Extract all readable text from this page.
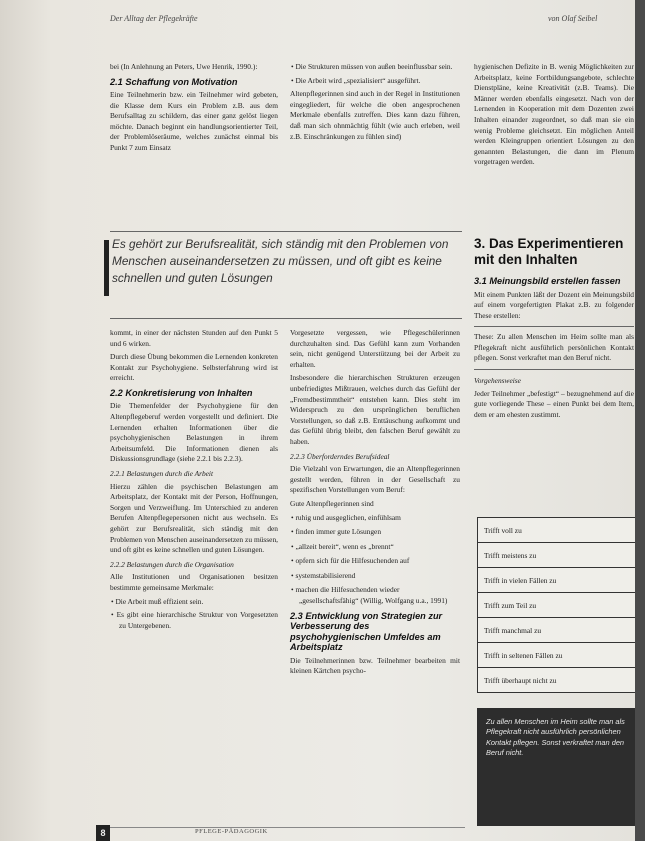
Der Alltag der Pflegekräfte	von Olaf Seibel

bei (In Anlehnung an Peters, Uwe Henrik, 1990.):

2.1 Schaffung von Motivation

Eine Teilnehmerin bzw. ein Teilnehmer wird gebeten, die Klasse dem Kurs ein Problem z.B. aus dem Berufsalltag zu schildern, das einer ganz gelöst liegen möchte. Danach beginnt ein handlungsorientierter Teil, der Problemlöseräume, welches zunächst einmal bis Punkt 7 zum Einsatz

• Die Strukturen müssen von außen beeinflussbar sein.

• Die Arbeit wird „spezialisiert“ ausgeführt.

Altenpflegerinnen sind auch in der Regel in Institutionen eingegliedert, für welche die oben angesprochenen Merkmale ebenfalls zutreffen. Dies kann dazu führen, daß man sich ohnmächtig fühlt (wie auch erleben, weil z.B. Einschränkungen zu fühlen sind)

hygienischen Defizite in B. wenig Möglichkeiten zur Arbeitsplatz, keine Fortbildungsangebote, schlechte Dienstpläne, keine Kreativität (z.B. Teams). Die Männer werden ebenfalls eingesetzt. Nach von der Lernenden in Kooperation mit dem Dozenten zwei Inhalten einander zugeordnet, so daß man sie ein wenig Probleme gleichsetzt. Ein möglichen Anteil werden Kleingruppen orientiert Lösungen zu den genannten Belastungen, die dann im Plenum vorgetragen werden.

Es gehört zur Berufsrealität, sich ständig mit den Problemen von Menschen auseinandersetzen zu müssen, und oft gibt es keine schnellen und guten Lösungen

kommt, in einer der nächsten Stunden auf den Punkt 5 und 6 wirken.

Durch diese Übung bekommen die Lernenden konkreten Kontakt zur Psychohygiene. Selbsterfahrung wird ist erreicht.

2.2 Konkretisierung von Inhalten

Die Themenfelder der Psychohygiene für den Altenpflegeberuf werden vorgestellt und definiert. Die Lernenden erhalten Informationen über die psychohygienischen Belastungen in ihrem Arbeitsumfeld. Die Informationen dienen als Diskussionsgrundlage (siehe 2.2.1 bis 2.2.3).

2.2.1 Belastungen durch die Arbeit

Hierzu zählen die psychischen Belastungen am Arbeitsplatz, der Kontakt mit der Person, Hoffnungen, Sorgen und Verzweiflung. Im Unterschied zu anderen Berufen Altenpflegepersonen nicht aus wechseln. Es gehört zur Berufsrealität, sich ständig mit den Problemen von Menschen auseinandersetzen zu müssen, und oft gibt es keine schnellen und guten Lösungen.

2.2.2 Belastungen durch die Organisation

Alle Institutionen und Organisationen besitzen bestimmte gemeinsame Merkmale:

• Die Arbeit muß effizient sein.

• Es gibt eine hierarchische Struktur von Vorgesetzten zu Untergebenen.

Vorgesetzte vergessen, wie Pflegeschülerinnen durchzuhalten sind. Das Gefühl kann zum Vorhanden sein, nicht genügend Unterstützung bei der Arbeit zu erhalten.

Insbesondere die hierarchischen Strukturen erzeugen unbefriedigtes Mißtrauen, welches durch das Gefühl der „Fremdbestimmtheit“ entstehen kann. Dies steht im Widerspruch zu den ursprünglichen beruflichen Vorstellungen, so daß z.B. Enttäuschung aufkommt und das Gefühl übrig bleibt, den falschen Beruf gewählt zu haben.

2.2.3 Überforderndes Berufsideal

Die Vielzahl von Erwartungen, die an Altenpflegerinnen gestellt werden, führen in der Gesellschaft zu spezifischen Vorstellungen vom Beruf:

Gute Altenpflegerinnen sind

• ruhig und ausgeglichen, einfühlsam
• finden immer gute Lösungen
• „allzeit bereit“, wenn es „brennt“
• opfern sich für die Hilfesuchenden auf
• systemstabilisierend
• machen die Hilfesuchenden wieder „gesellschaftsfähig“ (Willig, Wolfgang u.a., 1991)
2.3 Entwicklung von Strategien zur Verbesserung des psychohygienischen Umfeldes am Arbeitsplatz

Die Teilnehmerinnen bzw. Teilnehmer bearbeiten mit kleinen Kärtchen psycho-

3. Das Experimentieren mit den Inhalten
3.1 Meinungsbild erstellen fassen

Mit einem Punkten läßt der Dozent ein Meinungsbild auf einem vorgefertigten Plakat z.B. zu folgender These erstellen:

These: Zu allen Menschen im Heim sollte man als Pflegekraft nicht ausführlich persönlichen Kontakt pflegen. Sonst verkraftet man den Beruf nicht.

Vorgehensweise

Jeder Teilnehmer „befestigt“ – bezugnehmend auf die gute vorliegende These – einen Punkt bei dem Item, dem er am ehesten zustimmt.

Trifft voll zu
Trifft meistens zu
Trifft in vielen Fällen zu
Trifft zum Teil zu
Trifft manchmal zu
Trifft in seltenen Fällen zu
Trifft überhaupt nicht zu
Zu allen Menschen im Heim sollte man als Pflegekraft nicht ausführlich persönlichen Kontakt pflegen. Sonst verkraftet man den Beruf nicht.
8	PFLEGE-PÄDAGOGIK
